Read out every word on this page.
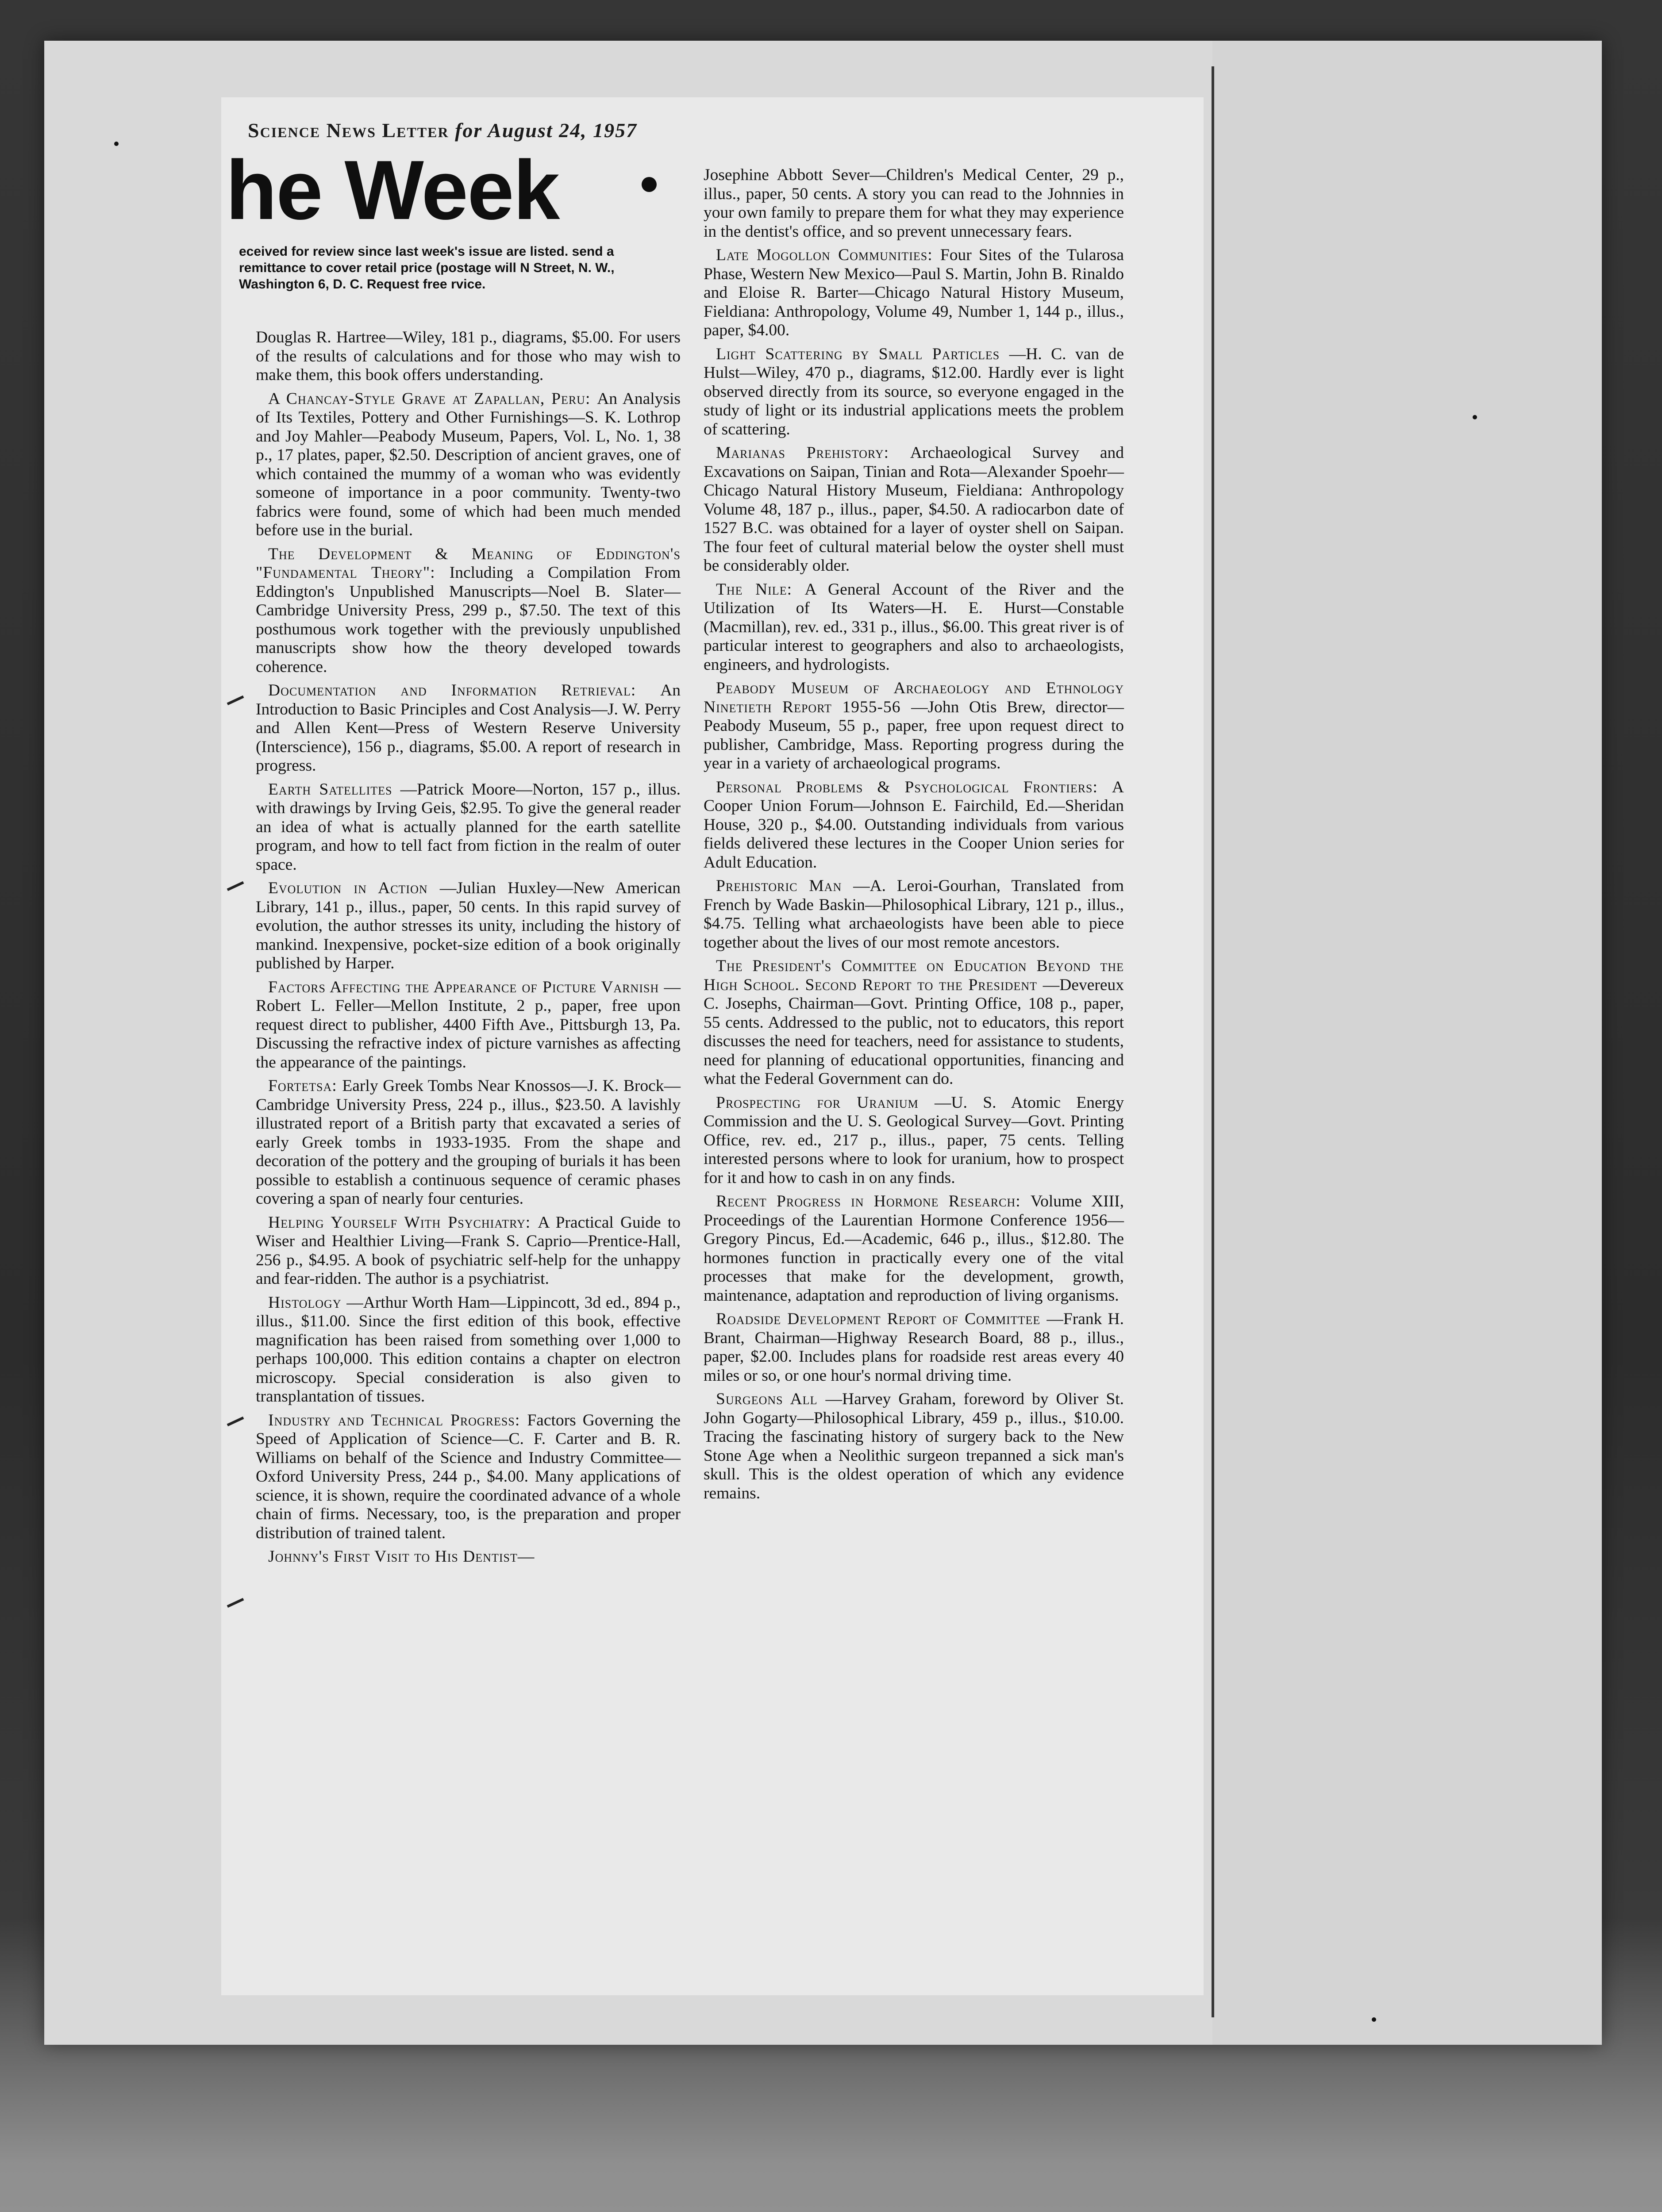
Science News Letter for August 24, 1957
he Week
eceived for review since last week's issue are listed. send a remittance to cover retail price (postage will N Street, N. W., Washington 6, D. C. Request free rvice.

Douglas R. Hartree—Wiley, 181 p., diagrams, $5.00. For users of the results of calculations and for those who may wish to make them, this book offers understanding.

A Chancay-Style Grave at Zapallan, Peru: An Analysis of Its Textiles, Pottery and Other Furnishings—S. K. Lothrop and Joy Mahler—Peabody Museum, Papers, Vol. L, No. 1, 38 p., 17 plates, paper, $2.50. Description of ancient graves, one of which contained the mummy of a woman who was evidently someone of importance in a poor community. Twenty-two fabrics were found, some of which had been much mended before use in the burial.

The Development & Meaning of Eddington's "Fundamental Theory": Including a Compilation From Eddington's Unpublished Manuscripts—Noel B. Slater—Cambridge University Press, 299 p., $7.50. The text of this posthumous work together with the previously unpublished manuscripts show how the theory developed towards coherence.

Documentation and Information Retrieval: An Introduction to Basic Principles and Cost Analysis—J. W. Perry and Allen Kent—Press of Western Reserve University (Interscience), 156 p., diagrams, $5.00. A report of research in progress.

Earth Satellites —Patrick Moore—Norton, 157 p., illus. with drawings by Irving Geis, $2.95. To give the general reader an idea of what is actually planned for the earth satellite program, and how to tell fact from fiction in the realm of outer space.

Evolution in Action —Julian Huxley—New American Library, 141 p., illus., paper, 50 cents. In this rapid survey of evolution, the author stresses its unity, including the history of mankind. Inexpensive, pocket-size edition of a book originally published by Harper.

Factors Affecting the Appearance of Picture Varnish —Robert L. Feller—Mellon Institute, 2 p., paper, free upon request direct to publisher, 4400 Fifth Ave., Pittsburgh 13, Pa. Discussing the refractive index of picture varnishes as affecting the appearance of the paintings.

Fortetsa: Early Greek Tombs Near Knossos—J. K. Brock—Cambridge University Press, 224 p., illus., $23.50. A lavishly illustrated report of a British party that excavated a series of early Greek tombs in 1933-1935. From the shape and decoration of the pottery and the grouping of burials it has been possible to establish a continuous sequence of ceramic phases covering a span of nearly four centuries.

Helping Yourself With Psychiatry: A Practical Guide to Wiser and Healthier Living—Frank S. Caprio—Prentice-Hall, 256 p., $4.95. A book of psychiatric self-help for the unhappy and fear-ridden. The author is a psychiatrist.

Histology —Arthur Worth Ham—Lippincott, 3d ed., 894 p., illus., $11.00. Since the first edition of this book, effective magnification has been raised from something over 1,000 to perhaps 100,000. This edition contains a chapter on electron microscopy. Special consideration is also given to transplantation of tissues.

Industry and Technical Progress: Factors Governing the Speed of Application of Science—C. F. Carter and B. R. Williams on behalf of the Science and Industry Committee—Oxford University Press, 244 p., $4.00. Many applications of science, it is shown, require the coordinated advance of a whole chain of firms. Necessary, too, is the preparation and proper distribution of trained talent.

Johnny's First Visit to His Dentist—

Josephine Abbott Sever—Children's Medical Center, 29 p., illus., paper, 50 cents. A story you can read to the Johnnies in your own family to prepare them for what they may experience in the dentist's office, and so prevent unnecessary fears.

Late Mogollon Communities: Four Sites of the Tularosa Phase, Western New Mexico—Paul S. Martin, John B. Rinaldo and Eloise R. Barter—Chicago Natural History Museum, Fieldiana: Anthropology, Volume 49, Number 1, 144 p., illus., paper, $4.00.

Light Scattering by Small Particles —H. C. van de Hulst—Wiley, 470 p., diagrams, $12.00. Hardly ever is light observed directly from its source, so everyone engaged in the study of light or its industrial applications meets the problem of scattering.

Marianas Prehistory: Archaeological Survey and Excavations on Saipan, Tinian and Rota—Alexander Spoehr—Chicago Natural History Museum, Fieldiana: Anthropology Volume 48, 187 p., illus., paper, $4.50. A radiocarbon date of 1527 B.C. was obtained for a layer of oyster shell on Saipan. The four feet of cultural material below the oyster shell must be considerably older.

The Nile: A General Account of the River and the Utilization of Its Waters—H. E. Hurst—Constable (Macmillan), rev. ed., 331 p., illus., $6.00. This great river is of particular interest to geographers and also to archaeologists, engineers, and hydrologists.

Peabody Museum of Archaeology and Ethnology Ninetieth Report 1955-56 —John Otis Brew, director—Peabody Museum, 55 p., paper, free upon request direct to publisher, Cambridge, Mass. Reporting progress during the year in a variety of archaeological programs.

Personal Problems & Psychological Frontiers: A Cooper Union Forum—Johnson E. Fairchild, Ed.—Sheridan House, 320 p., $4.00. Outstanding individuals from various fields delivered these lectures in the Cooper Union series for Adult Education.

Prehistoric Man —A. Leroi-Gourhan, Translated from French by Wade Baskin—Philosophical Library, 121 p., illus., $4.75. Telling what archaeologists have been able to piece together about the lives of our most remote ancestors.

The President's Committee on Education Beyond the High School. Second Report to the President —Devereux C. Josephs, Chairman—Govt. Printing Office, 108 p., paper, 55 cents. Addressed to the public, not to educators, this report discusses the need for teachers, need for assistance to students, need for planning of educational opportunities, financing and what the Federal Government can do.

Prospecting for Uranium —U. S. Atomic Energy Commission and the U. S. Geological Survey—Govt. Printing Office, rev. ed., 217 p., illus., paper, 75 cents. Telling interested persons where to look for uranium, how to prospect for it and how to cash in on any finds.

Recent Progress in Hormone Research: Volume XIII, Proceedings of the Laurentian Hormone Conference 1956—Gregory Pincus, Ed.—Academic, 646 p., illus., $12.80. The hormones function in practically every one of the vital processes that make for the development, growth, maintenance, adaptation and reproduction of living organisms.

Roadside Development Report of Committee —Frank H. Brant, Chairman—Highway Research Board, 88 p., illus., paper, $2.00. Includes plans for roadside rest areas every 40 miles or so, or one hour's normal driving time.

Surgeons All —Harvey Graham, foreword by Oliver St. John Gogarty—Philosophical Library, 459 p., illus., $10.00. Tracing the fascinating history of surgery back to the New Stone Age when a Neolithic surgeon trepanned a sick man's skull. This is the oldest operation of which any evidence remains.
